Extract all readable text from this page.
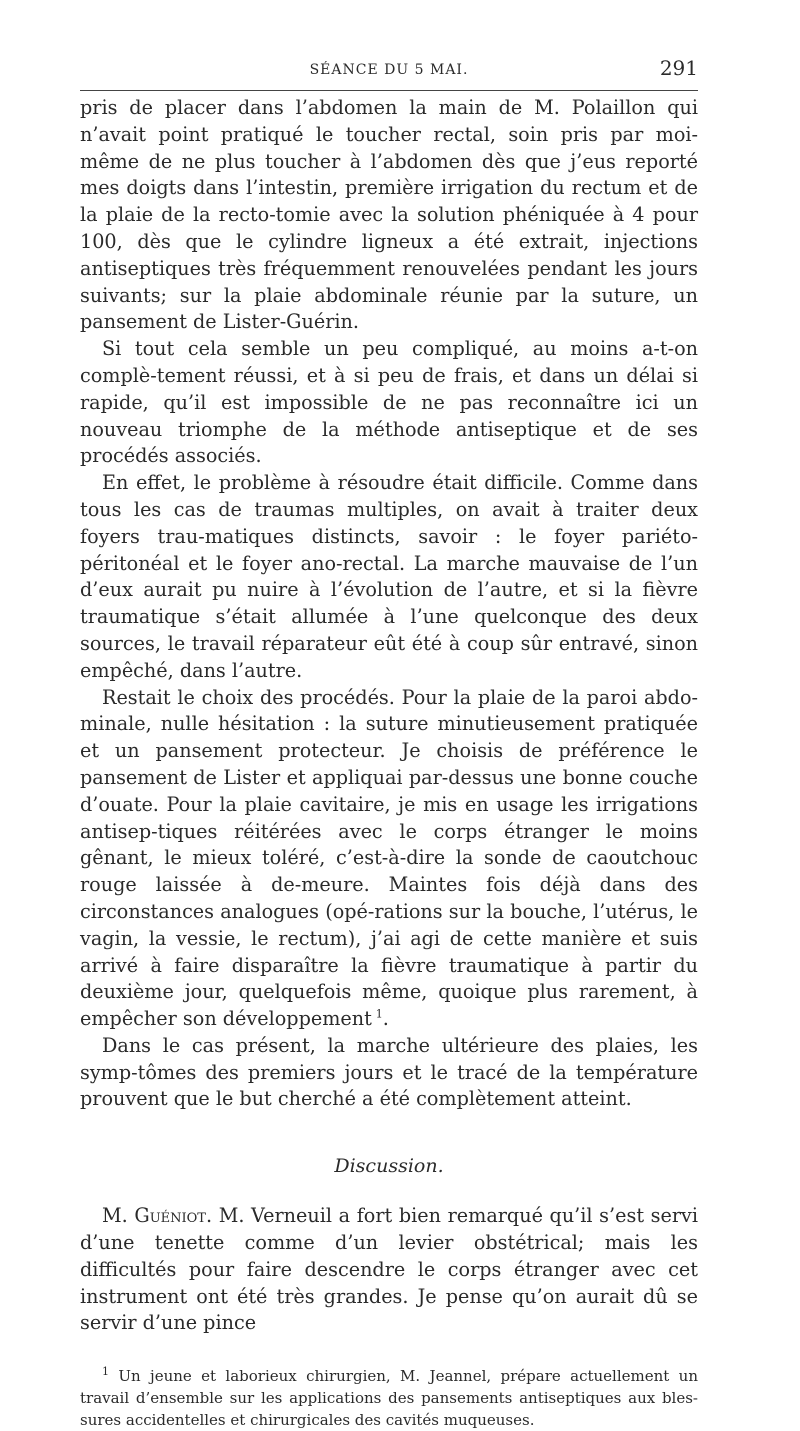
SÉANCE DU 5 MAI.	291

pris de placer dans l’abdomen la main de M. Polaillon qui n’avait point pratiqué le toucher rectal, soin pris par moi-même de ne plus toucher à l’abdomen dès que j’eus reporté mes doigts dans l’intestin, première irrigation du rectum et de la plaie de la recto-tomie avec la solution phéniquée à 4 pour 100, dès que le cylindre ligneux a été extrait, injections antiseptiques très fréquemment renouvelées pendant les jours suivants; sur la plaie abdominale réunie par la suture, un pansement de Lister-Guérin.

Si tout cela semble un peu compliqué, au moins a-t-on complè-tement réussi, et à si peu de frais, et dans un délai si rapide, qu’il est impossible de ne pas reconnaître ici un nouveau triomphe de la méthode antiseptique et de ses procédés associés.

En effet, le problème à résoudre était difficile. Comme dans tous les cas de traumas multiples, on avait à traiter deux foyers trau-matiques distincts, savoir : le foyer pariéto-péritonéal et le foyer ano-rectal. La marche mauvaise de l’un d’eux aurait pu nuire à l’évolution de l’autre, et si la fièvre traumatique s’était allumée à l’une quelconque des deux sources, le travail réparateur eût été à coup sûr entravé, sinon empêché, dans l’autre.

Restait le choix des procédés. Pour la plaie de la paroi abdo-minale, nulle hésitation : la suture minutieusement pratiquée et un pansement protecteur. Je choisis de préférence le pansement de Lister et appliquai par-dessus une bonne couche d’ouate. Pour la plaie cavitaire, je mis en usage les irrigations antisep-tiques réitérées avec le corps étranger le moins gênant, le mieux toléré, c’est-à-dire la sonde de caoutchouc rouge laissée à de-meure. Maintes fois déjà dans des circonstances analogues (opé-rations sur la bouche, l’utérus, le vagin, la vessie, le rectum), j’ai agi de cette manière et suis arrivé à faire disparaître la fièvre traumatique à partir du deuxième jour, quelquefois même, quoique plus rarement, à empêcher son développement  $^1$.

Dans le cas présent, la marche ultérieure des plaies, les symp-tômes des premiers jours et le tracé de la température prouvent que le but cherché a été complètement atteint.

Discussion.

M. Guéniot. M. Verneuil a fort bien remarqué qu’il s’est servi d’une tenette comme d’un levier obstétrical; mais les difficultés pour faire descendre le corps étranger avec cet instrument ont été très grandes. Je pense qu’on aurait dû se servir d’une pince

$^1$ Un jeune et laborieux chirurgien, M. Jeannel, prépare actuellement un travail d’ensemble sur les applications des pansements antiseptiques aux bles-sures accidentelles et chirurgicales des cavités muqueuses.
